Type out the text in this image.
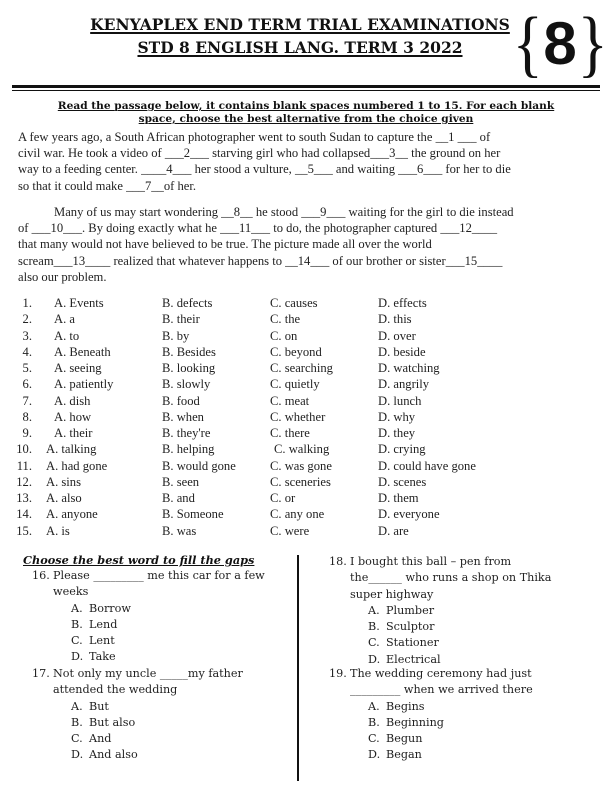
KENYAPLEX END TERM TRIAL EXAMINATIONS
STD 8 ENGLISH LANG. TERM 3 2022 { 8 }
Read the passage below, it contains blank spaces numbered 1 to 15. For each blank
space, choose the best alternative from the choice given

A few years ago, a South African photographer went to south Sudan to capture the __1 ___ of

civil war. He took a video of ___2___ starving girl who had collapsed___3__ the ground on her

way to a feeding center. ____4___ her stood a vulture, __5___ and waiting ___6___ for her to die

so that it could make ___7__of her.

Many of us may start wondering __8__ he stood ___9___ waiting for the girl to die instead

of ___10___. By doing exactly what he ___11___ to do, the photographer captured ___12____

that many would not have believed to be true. The picture made all over the world

scream___13____ realized that whatever happens to __14___ of our brother or sister___15____

also our problem.

1. A. Events	B. defects	C. causes	D. effects
2. A. a	B. their	C. the	D. this
3. A. to	B. by	C. on	D. over
4. A. Beneath	B. Besides	C. beyond	D. beside
5. A. seeing	B. looking	C. searching	D. watching
6. A. patiently	B. slowly	C. quietly	D. angrily
7. A. dish	B. food	C. meat	D. lunch
8. A. how	B. when	C. whether	D. why
9. A. their	B. they're	C. there	D. they
10. A. talking	B. helping	C. walking	D. crying
11. A. had gone	B. would gone	C. was gone	D. could have gone
12. A. sins	B. seen	C. sceneries	D. scenes
13. A. also	B. and	C. or	D. them
14. A. anyone	B. Someone	C. any one	D. everyone
15. A. is	B. was	C. were	D. are
Choose the best word to fill the gaps
16. Please _________ me this car for a few
weeks
A. Borrow
B. Lend
C. Lent
D. Take
17. Not only my uncle _____my father
attended the wedding
A. But
B. But also
C. And
D. And also
18. I bought this ball – pen from
the______ who runs a shop on Thika
super highway
A. Plumber
B. Sculptor
C. Stationer
D. Electrical
19. The wedding ceremony had just
_________ when we arrived there
A. Begins
B. Beginning
C. Begun
D. Began
